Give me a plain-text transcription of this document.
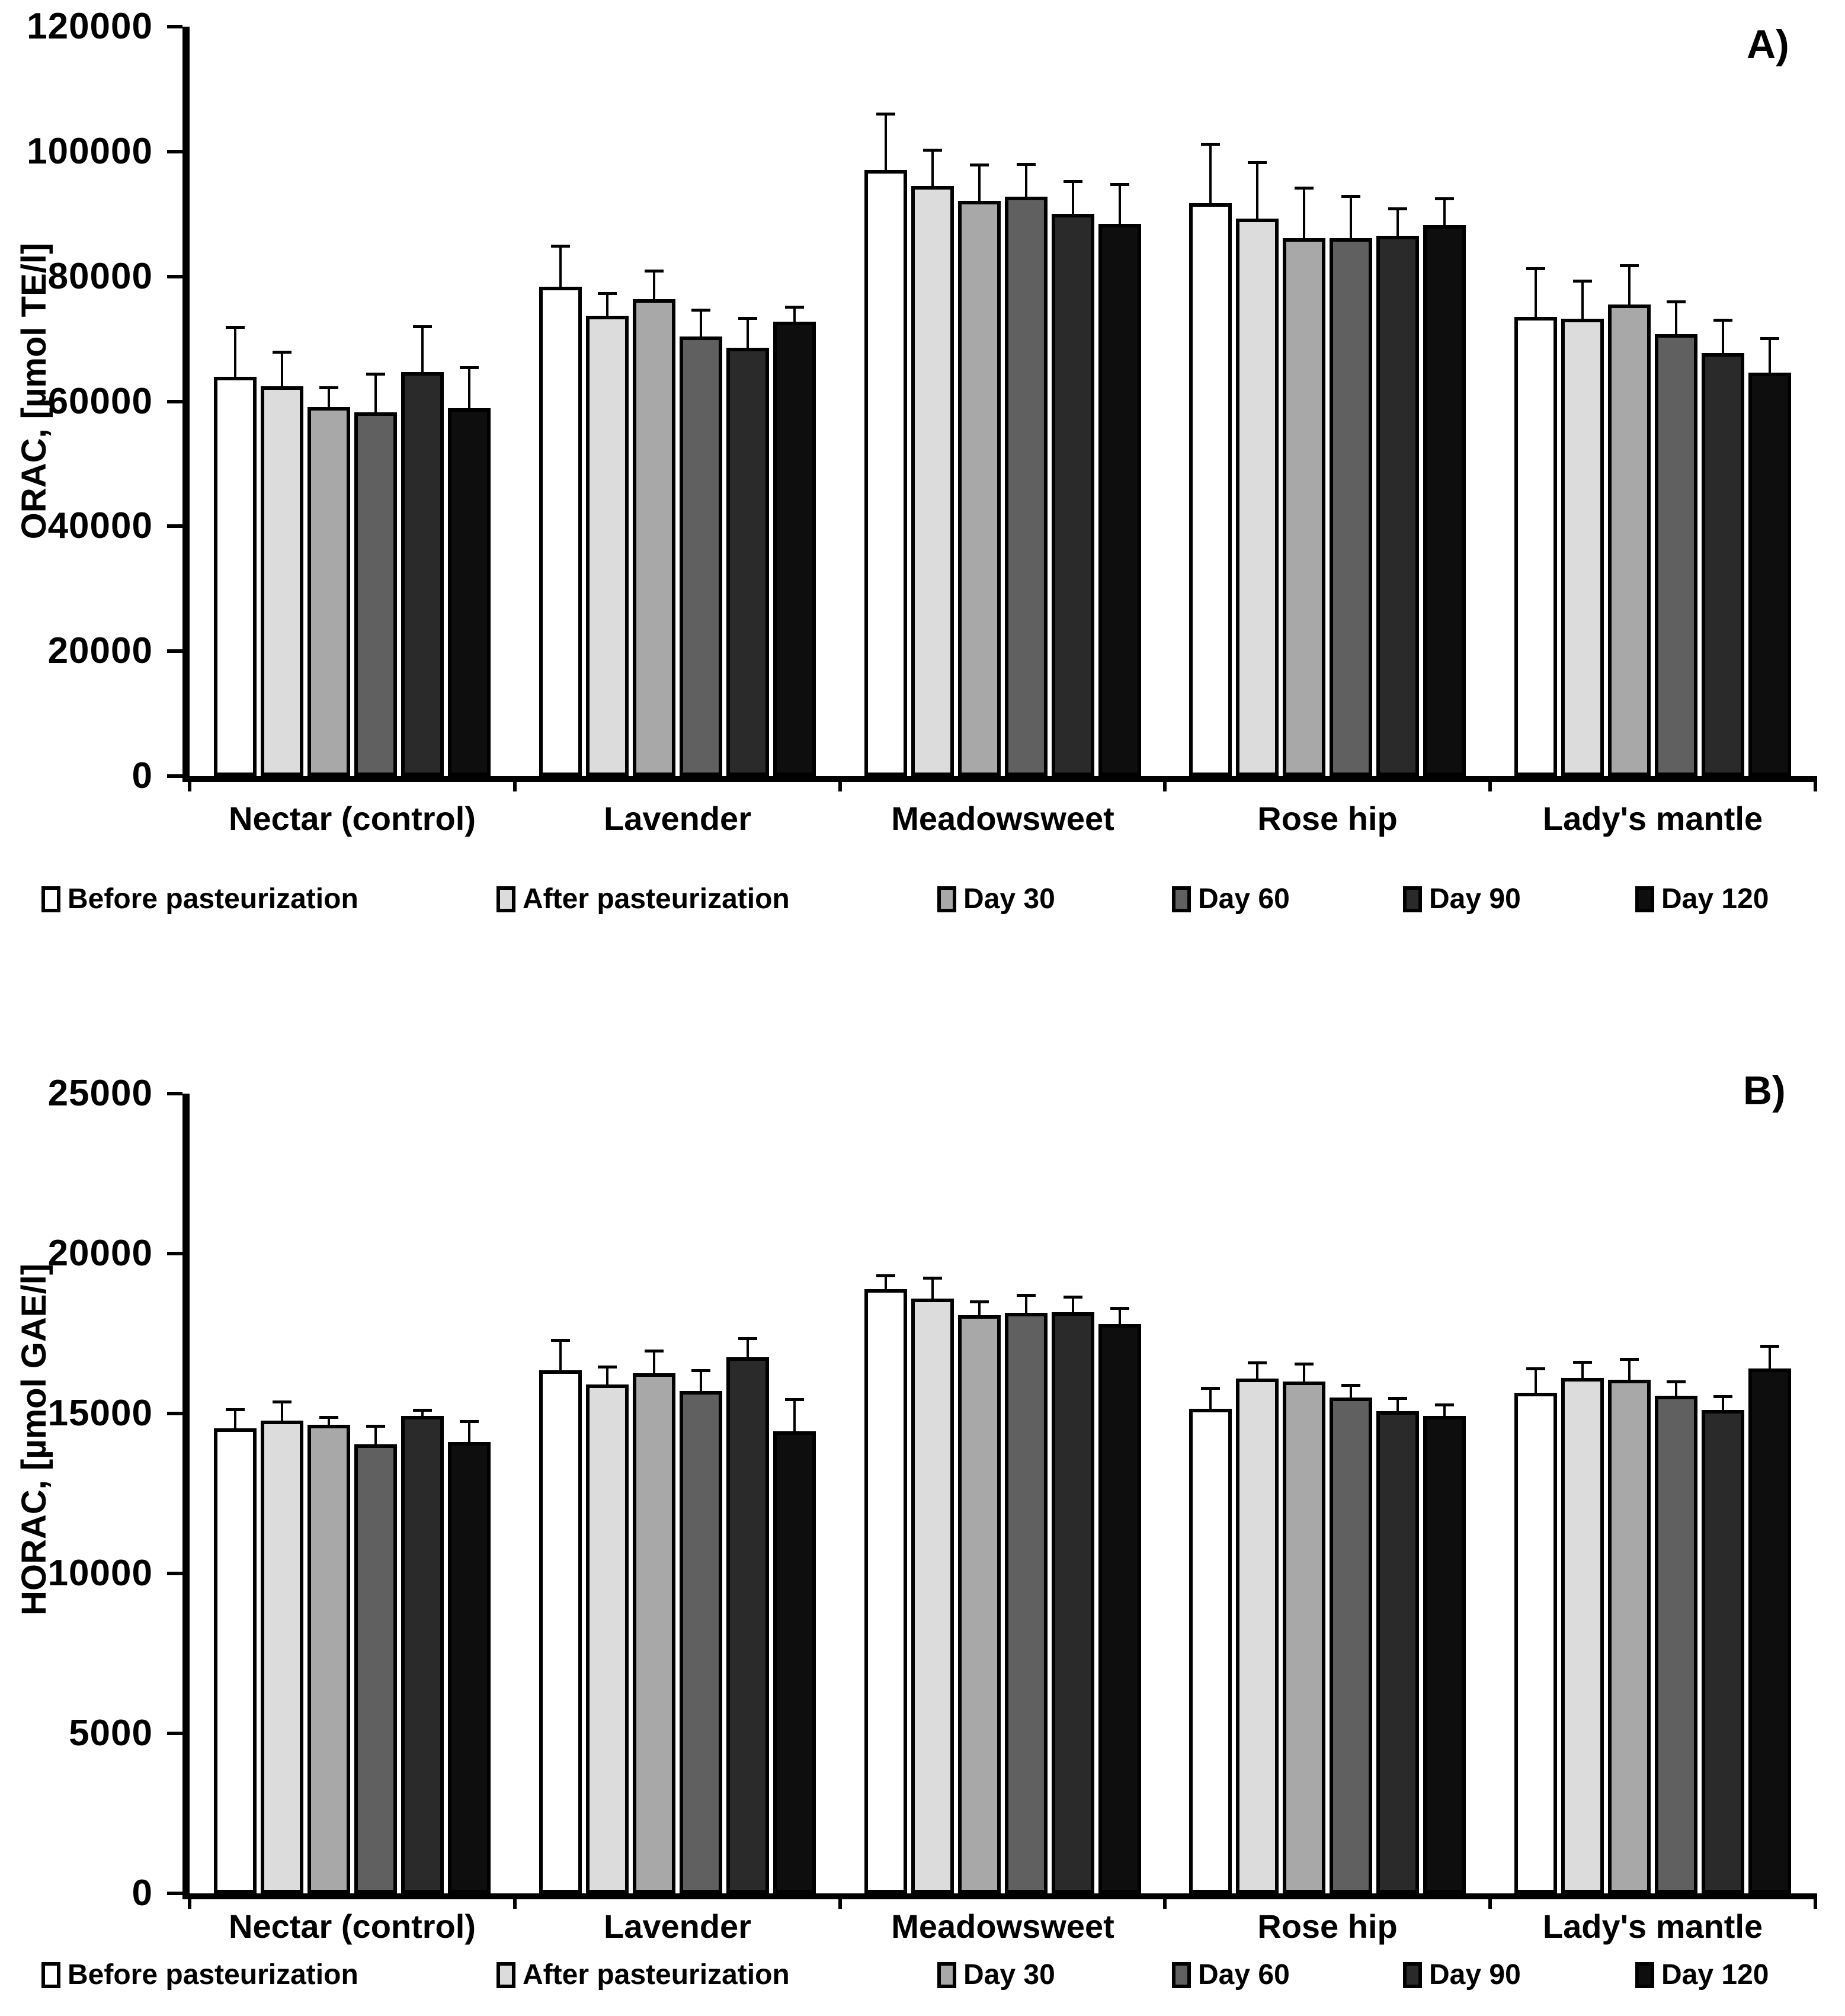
A)
B)
ORAC, [µmol TE/l]
HORAC, [µmol GAE/l]
0
20000
40000
60000
80000
100000
120000
Nectar (control)	Lavender	Meadowsweet	Rose hip	Lady's mantle
Before pasteurization	After pasteurization	Day 30	Day 60	Day 90	Day 120
0
5000
10000
15000
20000
25000
Nectar (control)	Lavender	Meadowsweet	Rose hip	Lady's mantle
Before pasteurization	After pasteurization	Day 30	Day 60	Day 90	Day 120
